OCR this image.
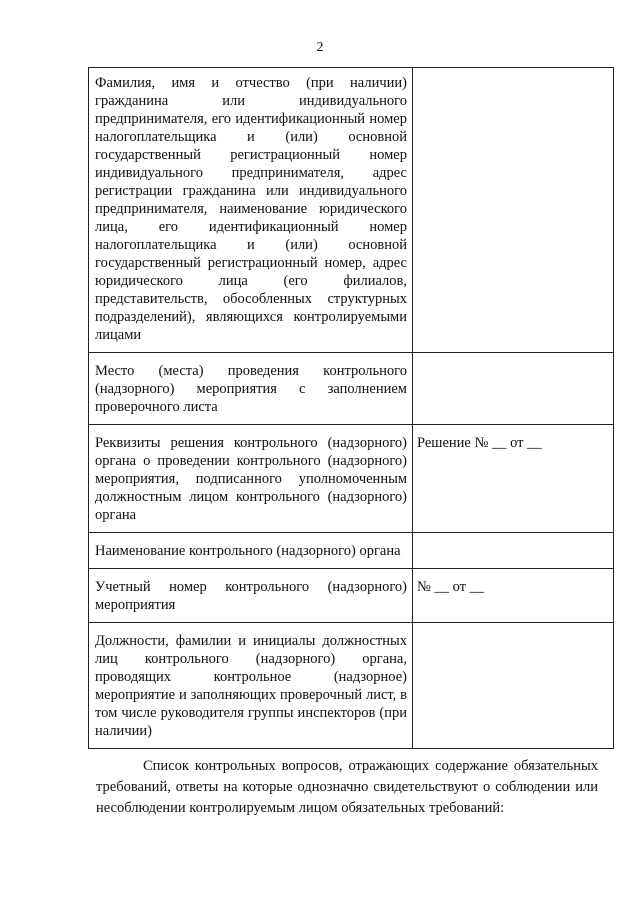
2
Фамилия, имя и отчество (при наличии) гражданина или индивидуального предпринимателя, его идентификационный номер налогоплательщика и (или) основной государственный регистрационный номер индивидуального предпринимателя, адрес регистрации гражданина или индивидуального предпринимателя, наименование юридического лица, его идентификационный номер налогоплательщика и (или) основной государственный регистрационный номер, адрес юридического лица (его филиалов, представительств, обособленных структурных подразделений), являющихся контролируемыми лицами	
Место (места) проведения контрольного (надзорного) мероприятия с заполнением проверочного листа	
Реквизиты решения контрольного (надзорного) органа о проведении контрольного (надзорного) мероприятия, подписанного уполномоченным должностным лицом контрольного (надзорного) органа	Решение № __ от __
Наименование контрольного (надзорного) органа	
Учетный номер контрольного (надзорного) мероприятия	№ __ от __
Должности, фамилии и инициалы должностных лиц контрольного (надзорного) органа, проводящих контрольное (надзорное) мероприятие и заполняющих проверочный лист, в том числе руководителя группы инспекторов (при наличии)	

Список контрольных вопросов, отражающих содержание обязательных требований, ответы на которые однозначно свидетельствуют о соблюдении или несоблюдении контролируемым лицом обязательных требований:
